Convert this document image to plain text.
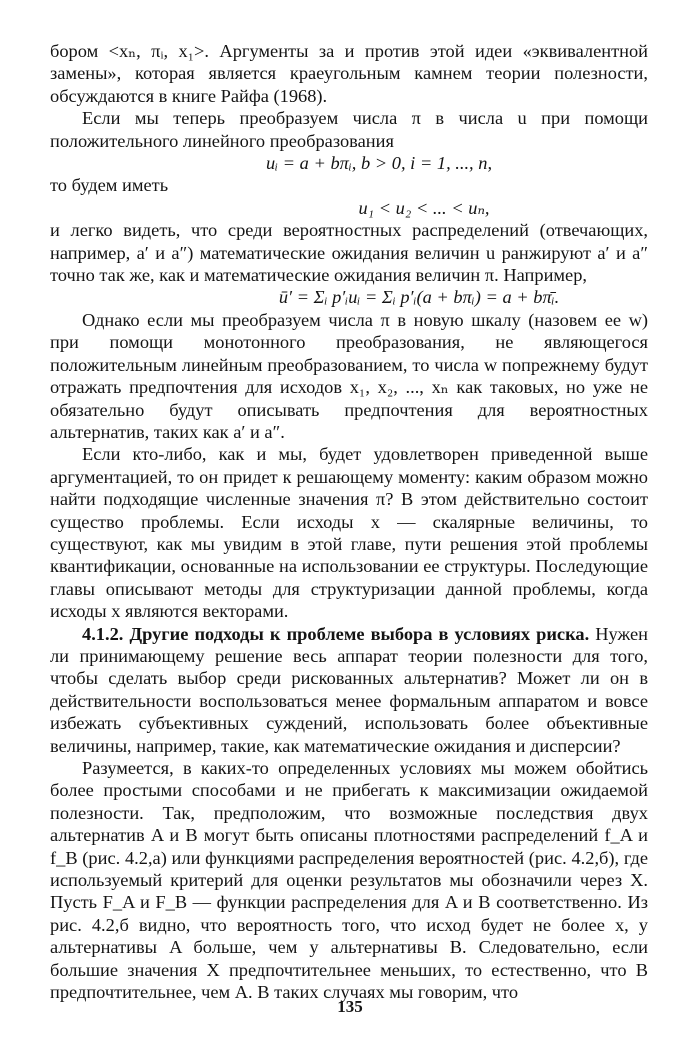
бором <xₙ, πᵢ, x₁>. Аргументы за и против этой идеи «эквивалентной замены», которая является краеугольным камнем теории полезности, обсуждаются в книге Райфа (1968).

Если мы теперь преобразуем числа π в числа u при помощи положительного линейного преобразования

uᵢ = a + bπᵢ, b > 0, i = 1, ..., n,

то будем иметь

u₁ < u₂ < ... < uₙ,

и легко видеть, что среди вероятностных распределений (отвечающих, например, a′ и a″) математические ожидания величин u ранжируют a′ и a″ точно так же, как и математические ожидания величин π. Например,

ū′ = Σᵢ p′ᵢuᵢ = Σᵢ p′ᵢ(a + bπᵢ) = a + bπ̄ᵢ.

Однако если мы преобразуем числа π в новую шкалу (назовем ее w) при помощи монотонного преобразования, не являющегося положительным линейным преобразованием, то числа w попрежнему будут отражать предпочтения для исходов x₁, x₂, ..., xₙ как таковых, но уже не обязательно будут описывать предпочтения для вероятностных альтернатив, таких как a′ и a″.

Если кто-либо, как и мы, будет удовлетворен приведенной выше аргументацией, то он придет к решающему моменту: каким образом можно найти подходящие численные значения π? В этом действительно состоит существо проблемы. Если исходы x — скалярные величины, то существуют, как мы увидим в этой главе, пути решения этой проблемы квантификации, основанные на использовании ее структуры. Последующие главы описывают методы для структуризации данной проблемы, когда исходы x являются векторами.

4.1.2. Другие подходы к проблеме выбора в условиях риска. Нужен ли принимающему решение весь аппарат теории полезности для того, чтобы сделать выбор среди рискованных альтернатив? Может ли он в действительности воспользоваться менее формальным аппаратом и вовсе избежать субъективных суждений, использовать более объективные величины, например, такие, как математические ожидания и дисперсии?

Разумеется, в каких-то определенных условиях мы можем обойтись более простыми способами и не прибегать к максимизации ожидаемой полезности. Так, предположим, что возможные последствия двух альтернатив A и B могут быть описаны плотностями распределений f_A и f_B (рис. 4.2,а) или функциями распределения вероятностей (рис. 4.2,б), где используемый критерий для оценки результатов мы обозначили через X. Пусть F_A и F_B — функции распределения для A и B соответственно. Из рис. 4.2,б видно, что вероятность того, что исход будет не более x, у альтернативы A больше, чем у альтернативы B. Следовательно, если большие значения X предпочтительнее меньших, то естественно, что B предпочтительнее, чем A. В таких случаях мы говорим, что

135
